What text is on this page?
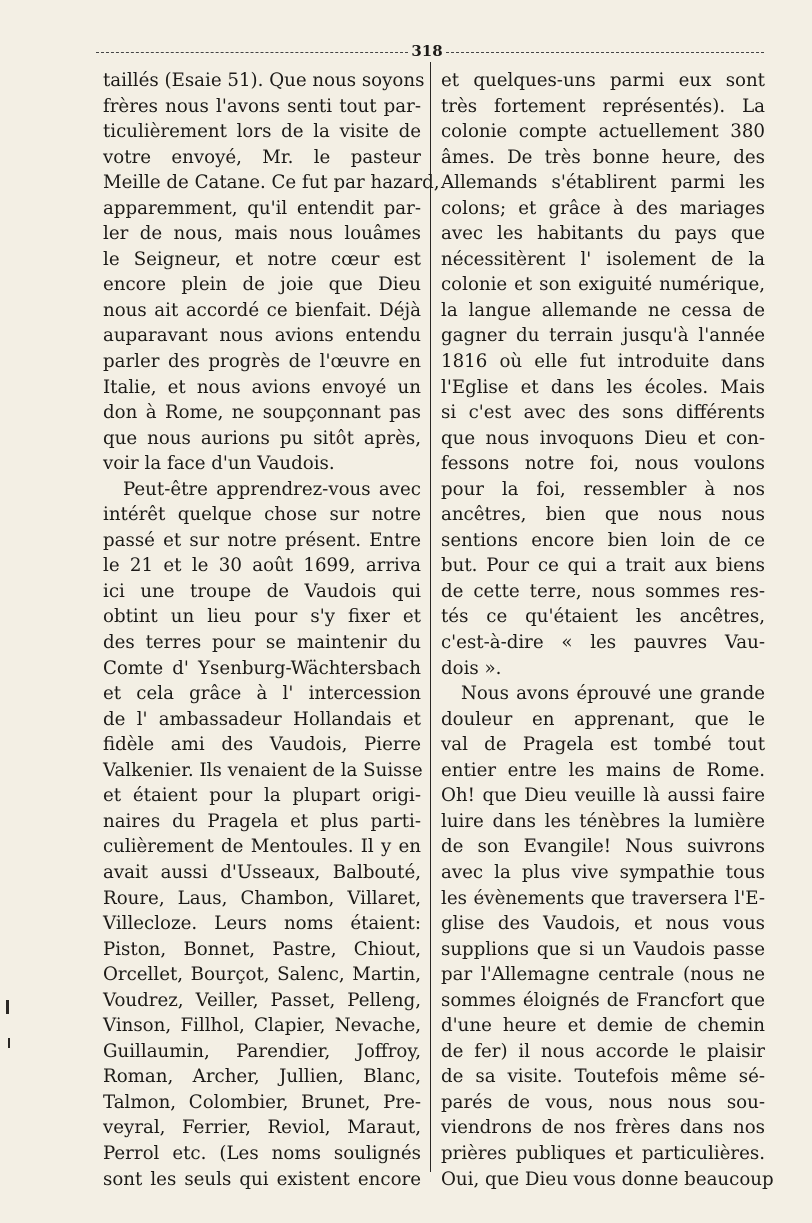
318
taillés (Esaie 51). Que nous soyons
frères nous l'avons senti tout par-
ticulièrement lors de la visite de
votre envoyé, Mr. le pasteur
Meille de Catane. Ce fut par hazard,
apparemment, qu'il entendit par-
ler de nous, mais nous louâmes
le Seigneur, et notre cœur est
encore plein de joie que Dieu
nous ait accordé ce bienfait. Déjà
auparavant nous avions entendu
parler des progrès de l'œuvre en
Italie, et nous avions envoyé un
don à Rome, ne soupçonnant pas
que nous aurions pu sitôt après,
voir la face d'un Vaudois.
Peut-être apprendrez-vous avec
intérêt quelque chose sur notre
passé et sur notre présent. Entre
le 21 et le 30 août 1699, arriva
ici une troupe de Vaudois qui
obtint un lieu pour s'y fixer et
des terres pour se maintenir du
Comte d' Ysenburg-Wächtersbach
et cela grâce à l' intercession
de l' ambassadeur Hollandais et
fidèle ami des Vaudois, Pierre
Valkenier. Ils venaient de la Suisse
et étaient pour la plupart origi-
naires du Pragela et plus parti-
culièrement de Mentoules. Il y en
avait aussi d'Usseaux, Balbouté,
Roure, Laus, Chambon, Villaret,
Villecloze. Leurs noms étaient:
Piston, Bonnet, Pastre, Chiout,
Orcellet, Bourçot, Salenc, Martin,
Voudrez, Veiller, Passet, Pelleng,
Vinson, Fillhol, Clapier, Nevache,
Guillaumin, Parendier, Joffroy,
Roman, Archer, Jullien, Blanc,
Talmon, Colombier, Brunet, Pre-
veyral, Ferrier, Reviol, Maraut,
Perrol etc. (Les noms soulignés
sont les seuls qui existent encore
et quelques-uns parmi eux sont
très fortement représentés). La
colonie compte actuellement 380
âmes. De très bonne heure, des
Allemands s'établirent parmi les
colons; et grâce à des mariages
avec les habitants du pays que
nécessitèrent l' isolement de la
colonie et son exiguité numérique,
la langue allemande ne cessa de
gagner du terrain jusqu'à l'année
1816 où elle fut introduite dans
l'Eglise et dans les écoles. Mais
si c'est avec des sons différents
que nous invoquons Dieu et con-
fessons notre foi, nous voulons
pour la foi, ressembler à nos
ancêtres, bien que nous nous
sentions encore bien loin de ce
but. Pour ce qui a trait aux biens
de cette terre, nous sommes res-
tés ce qu'étaient les ancêtres,
c'est-à-dire « les pauvres Vau-
dois ».
Nous avons éprouvé une grande
douleur en apprenant, que le
val de Pragela est tombé tout
entier entre les mains de Rome.
Oh! que Dieu veuille là aussi faire
luire dans les ténèbres la lumière
de son Evangile! Nous suivrons
avec la plus vive sympathie tous
les évènements que traversera l'E-
glise des Vaudois, et nous vous
supplions que si un Vaudois passe
par l'Allemagne centrale (nous ne
sommes éloignés de Francfort que
d'une heure et demie de chemin
de fer) il nous accorde le plaisir
de sa visite. Toutefois même sé-
parés de vous, nous nous sou-
viendrons de nos frères dans nos
prières publiques et particulières.
Oui, que Dieu vous donne beaucoup
